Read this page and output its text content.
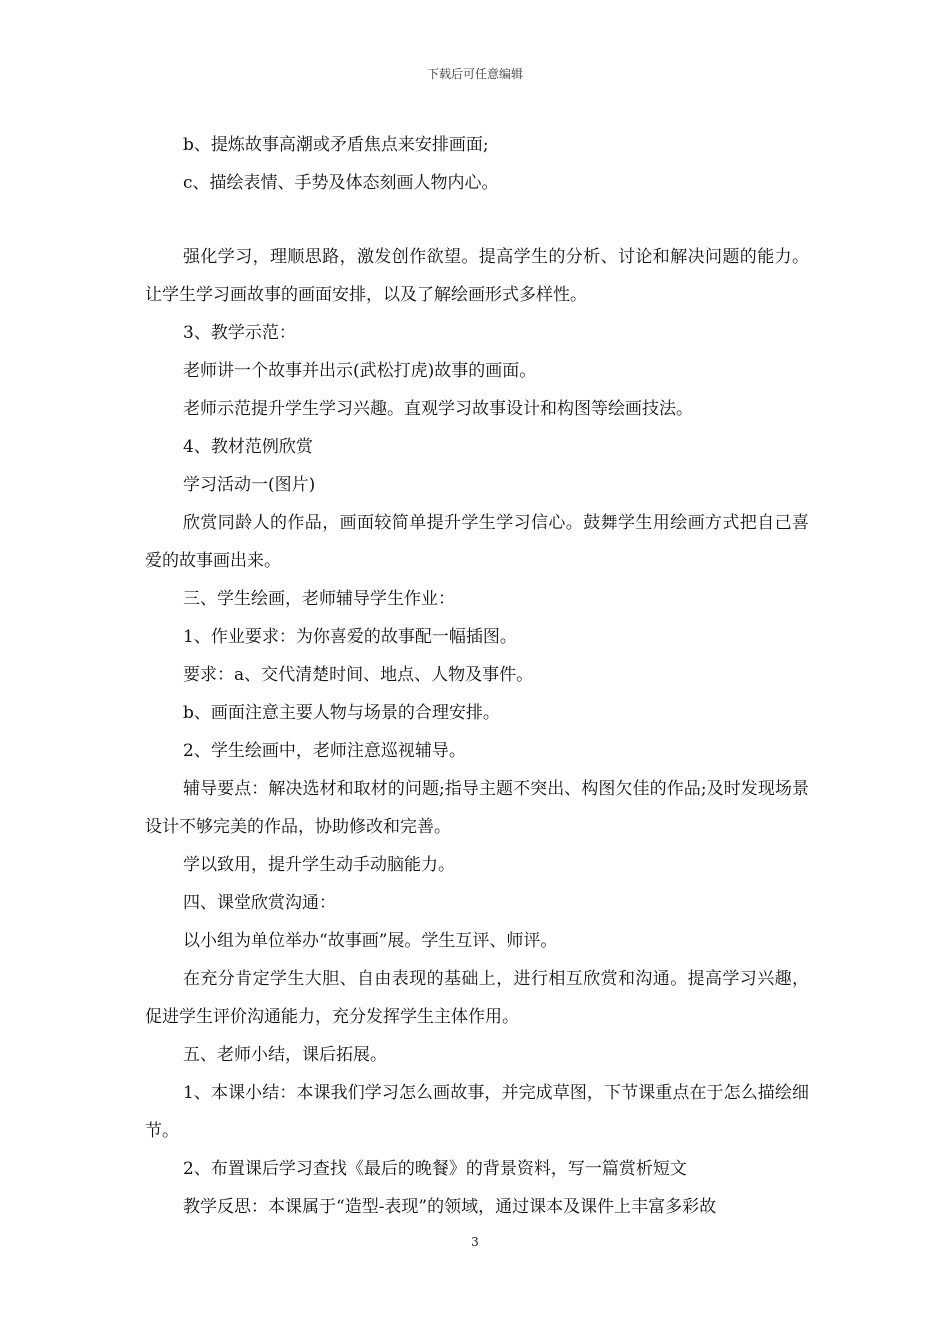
下载后可任意编辑

b、提炼故事高潮或矛盾焦点来安排画面;

c、描绘表情、手势及体态刻画人物内心。

强化学习，理顺思路，激发创作欲望。提高学生的分析、讨论和解决问题的能力。让学生学习画故事的画面安排，以及了解绘画形式多样性。

3、教学示范：

老师讲一个故事并出示(武松打虎)故事的画面。

老师示范提升学生学习兴趣。直观学习故事设计和构图等绘画技法。

4、教材范例欣赏

学习活动一(图片)

欣赏同龄人的作品，画面较简单提升学生学习信心。鼓舞学生用绘画方式把自己喜爱的故事画出来。

三、学生绘画，老师辅导学生作业：

1、作业要求：为你喜爱的故事配一幅插图。

要求：a、交代清楚时间、地点、人物及事件。

b、画面注意主要人物与场景的合理安排。

2、学生绘画中，老师注意巡视辅导。

辅导要点：解决选材和取材的问题;指导主题不突出、构图欠佳的作品;及时发现场景设计不够完美的作品，协助修改和完善。

学以致用，提升学生动手动脑能力。

四、课堂欣赏沟通：

以小组为单位举办“故事画”展。学生互评、师评。

在充分肯定学生大胆、自由表现的基础上，进行相互欣赏和沟通。提高学习兴趣，促进学生评价沟通能力，充分发挥学生主体作用。

五、老师小结，课后拓展。

1、本课小结：本课我们学习怎么画故事，并完成草图，下节课重点在于怎么描绘细节。

2、布置课后学习查找《最后的晚餐》的背景资料，写一篇赏析短文

教学反思：本课属于“造型-表现”的领域，通过课本及课件上丰富多彩故

3
